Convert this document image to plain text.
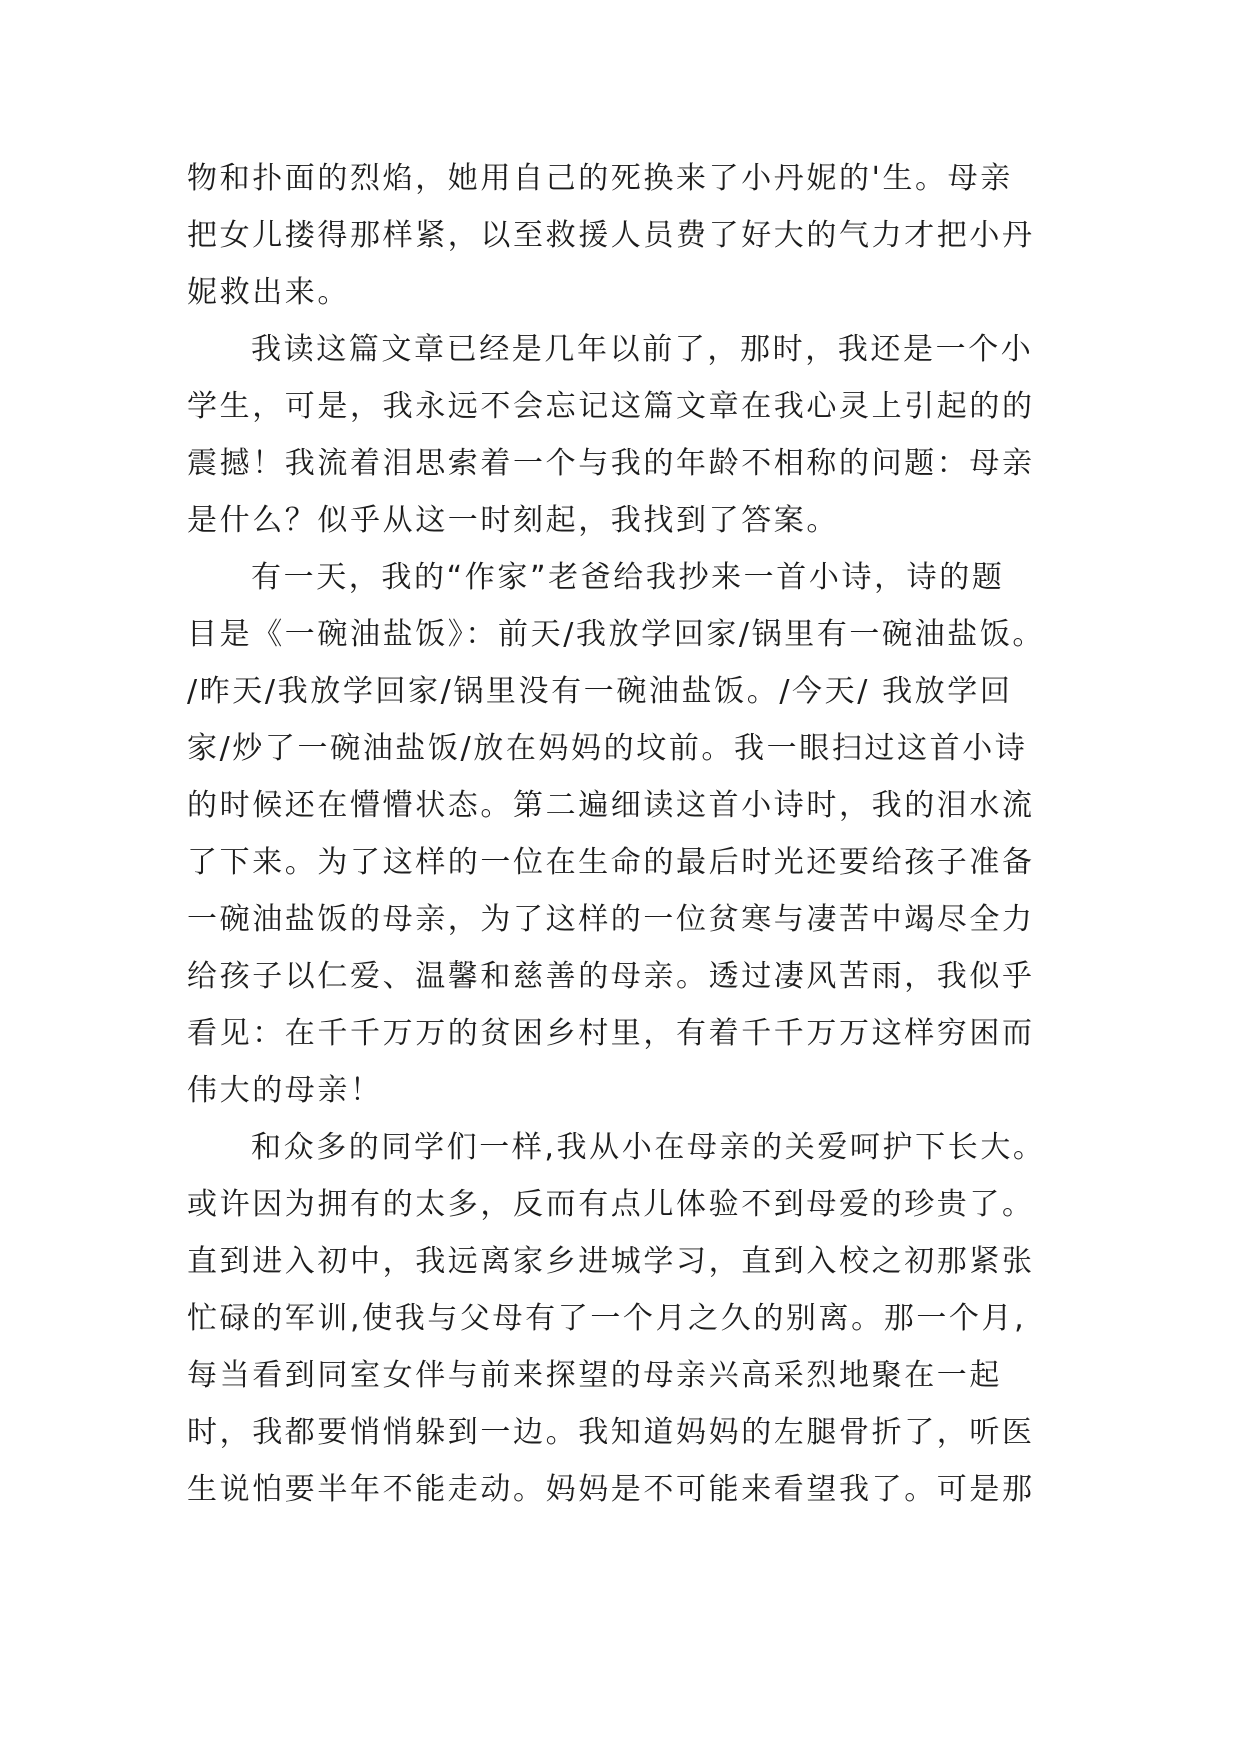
物和扑面的烈焰，她用自己的死换来了小丹妮的'生。母亲
把女儿搂得那样紧，以至救援人员费了好大的气力才把小丹
妮救出来。
我读这篇文章已经是几年以前了，那时，我还是一个小
学生，可是，我永远不会忘记这篇文章在我心灵上引起的的
震撼！我流着泪思索着一个与我的年龄不相称的问题：母亲
是什么？似乎从这一时刻起，我找到了答案。
有一天，我的“作家”老爸给我抄来一首小诗，诗的题
目是《一碗油盐饭》：前天/我放学回家/锅里有一碗油盐饭。
/昨天/我放学回家/锅里没有一碗油盐饭。/今天/ 我放学回
家/炒了一碗油盐饭/放在妈妈的坟前。我一眼扫过这首小诗
的时候还在懵懵状态。第二遍细读这首小诗时，我的泪水流
了下来。为了这样的一位在生命的最后时光还要给孩子准备
一碗油盐饭的母亲，为了这样的一位贫寒与凄苦中竭尽全力
给孩子以仁爱、温馨和慈善的母亲。透过凄风苦雨，我似乎
看见：在千千万万的贫困乡村里，有着千千万万这样穷困而
伟大的母亲！
和众多的同学们一样,我从小在母亲的关爱呵护下长大。
或许因为拥有的太多，反而有点儿体验不到母爱的珍贵了。
直到进入初中，我远离家乡进城学习，直到入校之初那紧张
忙碌的军训,使我与父母有了一个月之久的别离。那一个月,
每当看到同室女伴与前来探望的母亲兴高采烈地聚在一起
时，我都要悄悄躲到一边。我知道妈妈的左腿骨折了，听医
生说怕要半年不能走动。妈妈是不可能来看望我了。可是那
